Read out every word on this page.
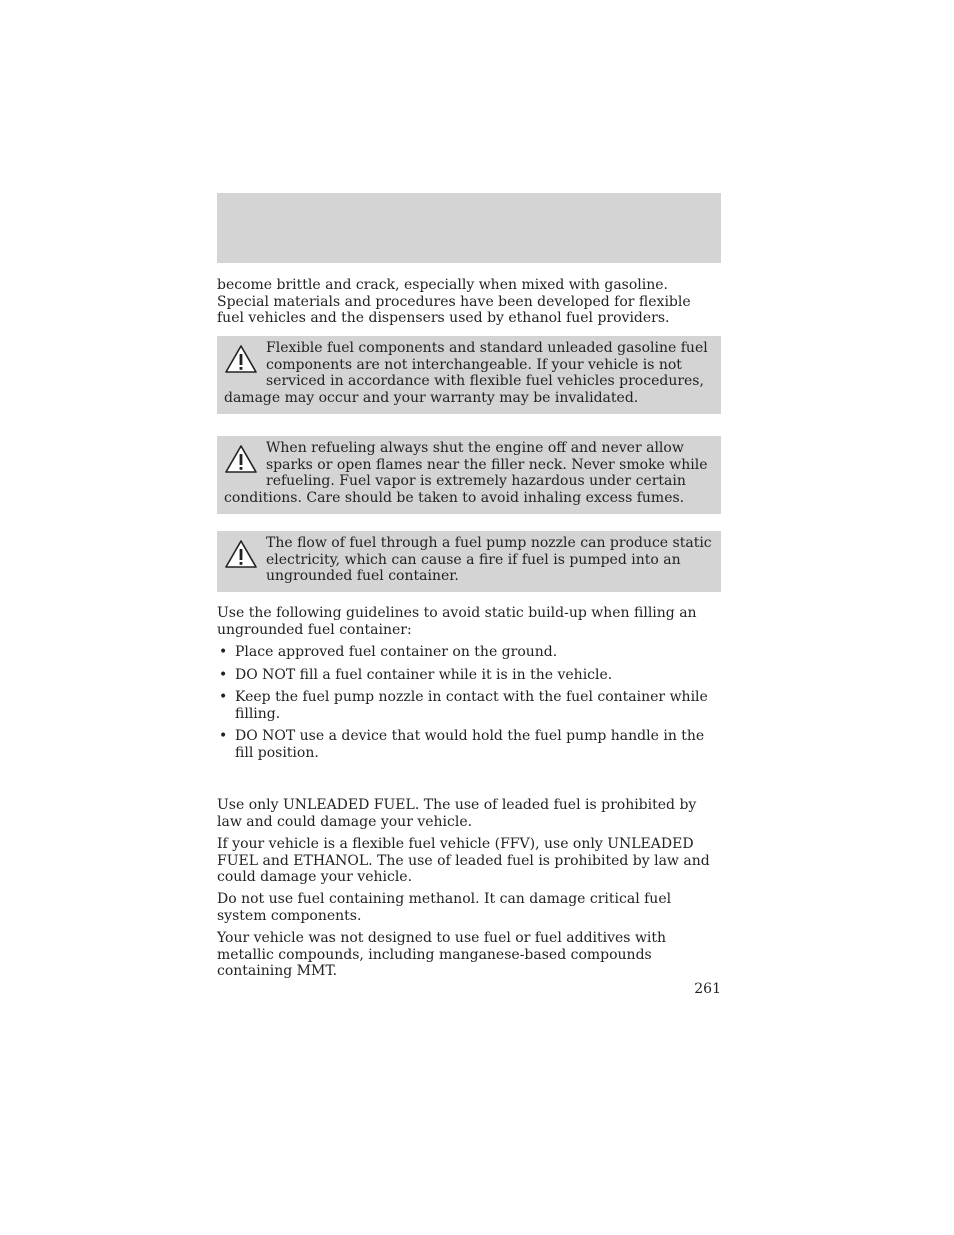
become brittle and crack, especially when mixed with gasoline. Special materials and procedures have been developed for flexible fuel vehicles and the dispensers used by ethanol fuel providers.

Flexible fuel components and standard unleaded gasoline fuel components are not interchangeable. If your vehicle is not serviced in accordance with flexible fuel vehicles procedures, damage may occur and your warranty may be invalidated.
When refueling always shut the engine off and never allow sparks or open flames near the filler neck. Never smoke while refueling. Fuel vapor is extremely hazardous under certain conditions. Care should be taken to avoid inhaling excess fumes.
The flow of fuel through a fuel pump nozzle can produce static electricity, which can cause a fire if fuel is pumped into an ungrounded fuel container.

Use the following guidelines to avoid static build-up when filling an ungrounded fuel container:

• Place approved fuel container on the ground.
• DO NOT fill a fuel container while it is in the vehicle.
• Keep the fuel pump nozzle in contact with the fuel container while filling.
• DO NOT use a device that would hold the fuel pump handle in the fill position.

Use only UNLEADED FUEL. The use of leaded fuel is prohibited by law and could damage your vehicle.

If your vehicle is a flexible fuel vehicle (FFV), use only UNLEADED FUEL and ETHANOL. The use of leaded fuel is prohibited by law and could damage your vehicle.

Do not use fuel containing methanol. It can damage critical fuel system components.

Your vehicle was not designed to use fuel or fuel additives with metallic compounds, including manganese-based compounds containing MMT.

261
